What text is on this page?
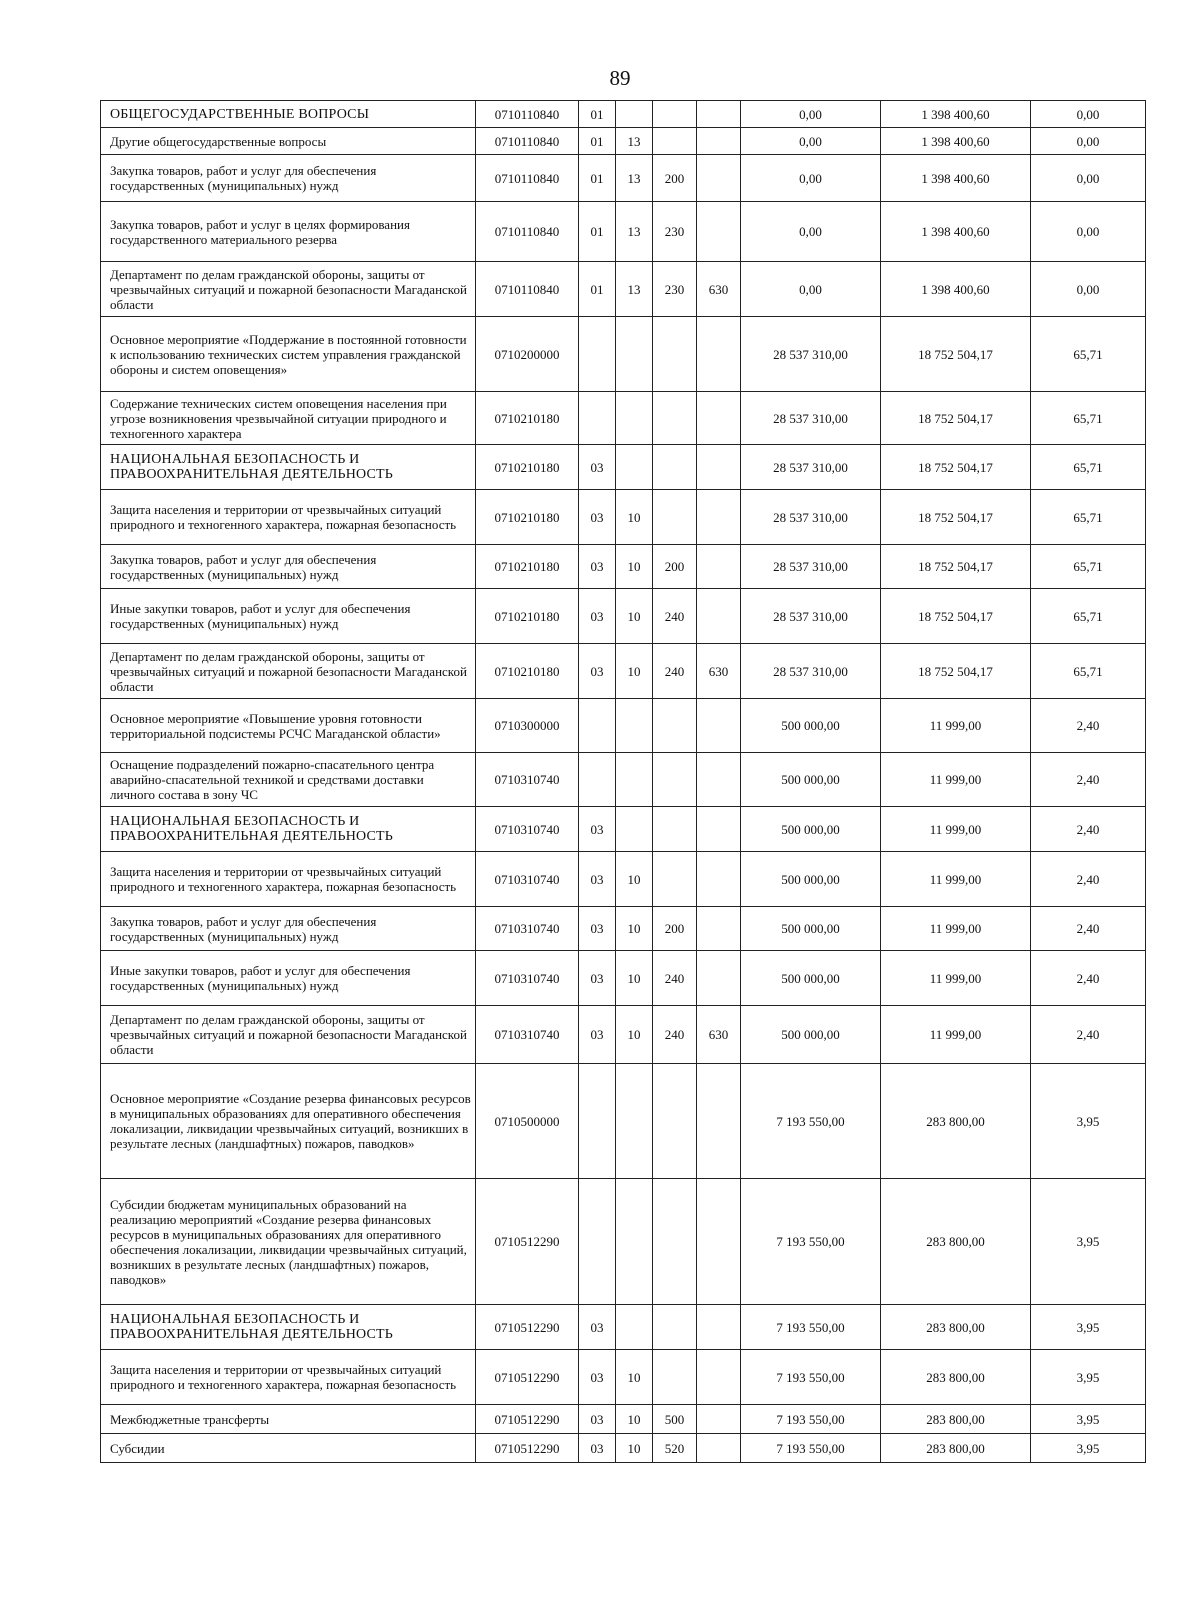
89
ОБЩЕГОСУДАРСТВЕННЫЕ ВОПРОСЫ	0710110840	01				0,00	1 398 400,60	0,00
Другие общегосударственные вопросы	0710110840	01	13			0,00	1 398 400,60	0,00
Закупка товаров, работ и услуг для обеспечения государственных (муниципальных) нужд	0710110840	01	13	200		0,00	1 398 400,60	0,00
Закупка товаров, работ и услуг в целях формирования государственного материального резерва	0710110840	01	13	230		0,00	1 398 400,60	0,00
Департамент по делам гражданской обороны, защиты от чрезвычайных ситуаций и пожарной безопасности Магаданской области	0710110840	01	13	230	630	0,00	1 398 400,60	0,00
Основное мероприятие «Поддержание в постоянной готовности к использованию технических систем управления гражданской обороны и систем оповещения»	0710200000					28 537 310,00	18 752 504,17	65,71
Содержание технических систем оповещения населения при угрозе возникновения чрезвычайной ситуации природного и техногенного характера	0710210180					28 537 310,00	18 752 504,17	65,71
НАЦИОНАЛЬНАЯ БЕЗОПАСНОСТЬ И ПРАВООХРАНИТЕЛЬНАЯ ДЕЯТЕЛЬНОСТЬ	0710210180	03				28 537 310,00	18 752 504,17	65,71
Защита населения и территории от чрезвычайных ситуаций природного и техногенного характера, пожарная безопасность	0710210180	03	10			28 537 310,00	18 752 504,17	65,71
Закупка товаров, работ и услуг для обеспечения государственных (муниципальных) нужд	0710210180	03	10	200		28 537 310,00	18 752 504,17	65,71
Иные закупки товаров, работ и услуг для обеспечения государственных (муниципальных) нужд	0710210180	03	10	240		28 537 310,00	18 752 504,17	65,71
Департамент по делам гражданской обороны, защиты от чрезвычайных ситуаций и пожарной безопасности Магаданской области	0710210180	03	10	240	630	28 537 310,00	18 752 504,17	65,71
Основное мероприятие «Повышение уровня готовности территориальной подсистемы РСЧС Магаданской области»	0710300000					500 000,00	11 999,00	2,40
Оснащение подразделений пожарно-спасательного центра аварийно-спасательной техникой и средствами доставки личного состава в зону ЧС	0710310740					500 000,00	11 999,00	2,40
НАЦИОНАЛЬНАЯ БЕЗОПАСНОСТЬ И ПРАВООХРАНИТЕЛЬНАЯ ДЕЯТЕЛЬНОСТЬ	0710310740	03				500 000,00	11 999,00	2,40
Защита населения и территории от чрезвычайных ситуаций природного и техногенного характера, пожарная безопасность	0710310740	03	10			500 000,00	11 999,00	2,40
Закупка товаров, работ и услуг для обеспечения государственных (муниципальных) нужд	0710310740	03	10	200		500 000,00	11 999,00	2,40
Иные закупки товаров, работ и услуг для обеспечения государственных (муниципальных) нужд	0710310740	03	10	240		500 000,00	11 999,00	2,40
Департамент по делам гражданской обороны, защиты от чрезвычайных ситуаций и пожарной безопасности Магаданской области	0710310740	03	10	240	630	500 000,00	11 999,00	2,40
Основное мероприятие «Создание резерва финансовых ресурсов в муниципальных образованиях для оперативного обеспечения локализации, ликвидации чрезвычайных ситуаций, возникших в результате лесных (ландшафтных) пожаров, паводков»	0710500000					7 193 550,00	283 800,00	3,95
Субсидии бюджетам муниципальных образований на реализацию мероприятий «Создание резерва финансовых ресурсов в муниципальных образованиях для оперативного обеспечения локализации, ликвидации чрезвычайных ситуаций, возникших в результате лесных (ландшафтных) пожаров, паводков»	0710512290					7 193 550,00	283 800,00	3,95
НАЦИОНАЛЬНАЯ БЕЗОПАСНОСТЬ И ПРАВООХРАНИТЕЛЬНАЯ ДЕЯТЕЛЬНОСТЬ	0710512290	03				7 193 550,00	283 800,00	3,95
Защита населения и территории от чрезвычайных ситуаций природного и техногенного характера, пожарная безопасность	0710512290	03	10			7 193 550,00	283 800,00	3,95
Межбюджетные трансферты	0710512290	03	10	500		7 193 550,00	283 800,00	3,95
Субсидии	0710512290	03	10	520		7 193 550,00	283 800,00	3,95
